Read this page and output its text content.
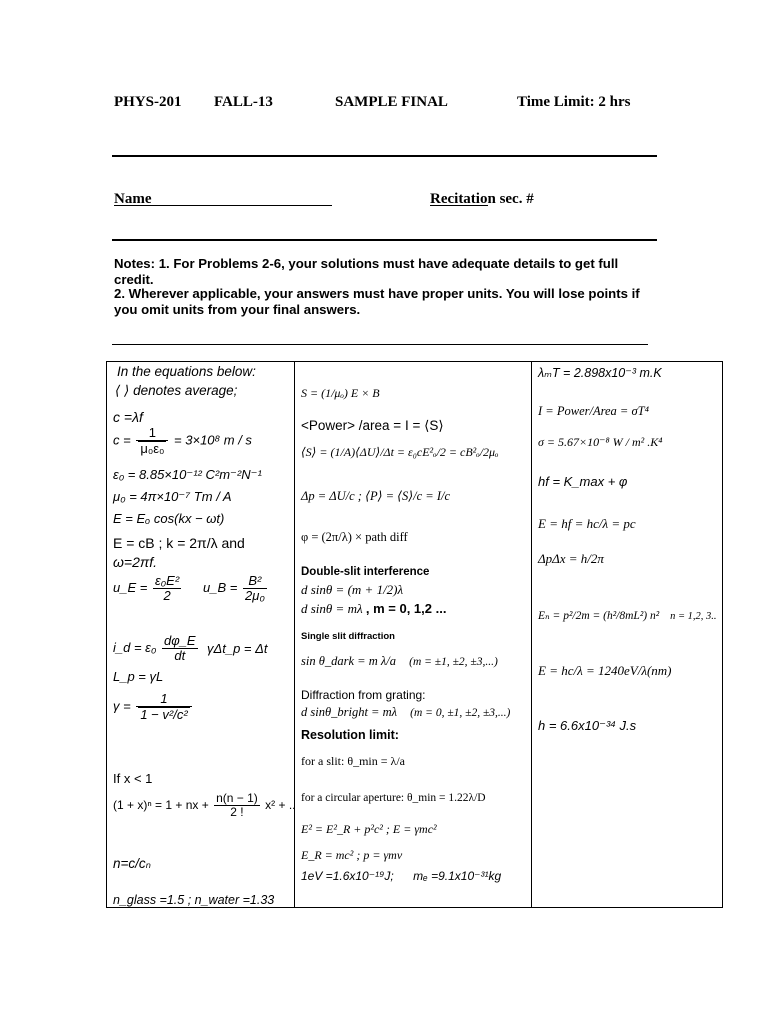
PHYS-201 FALL-13	SAMPLE FINAL	Time Limit: 2 hrs
Name	Recitation sec. #
Notes: 1. For Problems 2-6, your solutions must have adequate details to get full credit.
2. Wherever applicable, your answers must have proper units. You will lose points if you omit units from your final answers.
In the equations below:
⟨ ⟩ denotes average;
c =λf
$c = \frac{1}{\text{μ₀ε₀}} = 3\times 10^8$ m / s
ε₀ = 8.85×10⁻¹² C²m⁻²N⁻¹
μ₀ = 4π×10⁻⁷ Tm / A
E = Eₒ cos(kx − ωt)
E = cB ; k = 2π/λ and
ω=2πf.
u_E = $\frac{\text{ε₀E²}}{2}$ u_B = $\frac{\text{B²}}{\text{2μ₀}}$
i_d = $\varepsilon_0 \frac{d\varphi\_E}{dt}$ γΔt_p = Δt
L_p = γL
$\gamma = \frac{1}{\text{1 − v²/c²}}$
If x < 1
(1 + x)ⁿ = 1 + nx + $\frac{n(n - 1)}{2 !} x^2$ + ..
n=c/cₙ
n_glass =1.5 ; n_water =1.33
S = (1/μₒ) E × B
<Power> /area = I = ⟨S⟩
⟨S⟩ = (1/A)⟨ΔU⟩/Δt = ε₀cE²ₒ/2 = cB²ₒ/2μₒ
Δp = ΔU/c ; ⟨P⟩ = ⟨S⟩/c = I/c
φ = (2π/λ) × path diff
Double-slit interference
d sinθ = (m + 1/2)λ
d sinθ = mλ , m = 0, 1,2 ...
Single slit diffraction
sin θ_dark = m λ/a (m = ±1, ±2, ±3,...)
Diffraction from grating:
d sinθ_bright = mλ (m = 0, ±1, ±2, ±3,...)
Resolution limit:
for a slit: θ_min = λ/a
for a circular aperture: θ_min = 1.22λ/D
E² = E²_R + p²c² ; E = γmc²
E_R = mc² ; p = γmv
1eV =1.6x10⁻¹⁹J; mₑ =9.1x10⁻³¹kg
λₘT = 2.898x10⁻³ m.K
I = Power/Area = σT⁴
σ = 5.67×10⁻⁸ W / m² .K⁴
hf = K_max + φ
E = hf = hc/λ = pc
ΔpΔx = h/2π
Eₙ = p²/2m = (h²/8mL²) n² n = 1,2, 3..
E = hc/λ = 1240eV/λ(nm)
h = 6.6x10⁻³⁴ J.s
